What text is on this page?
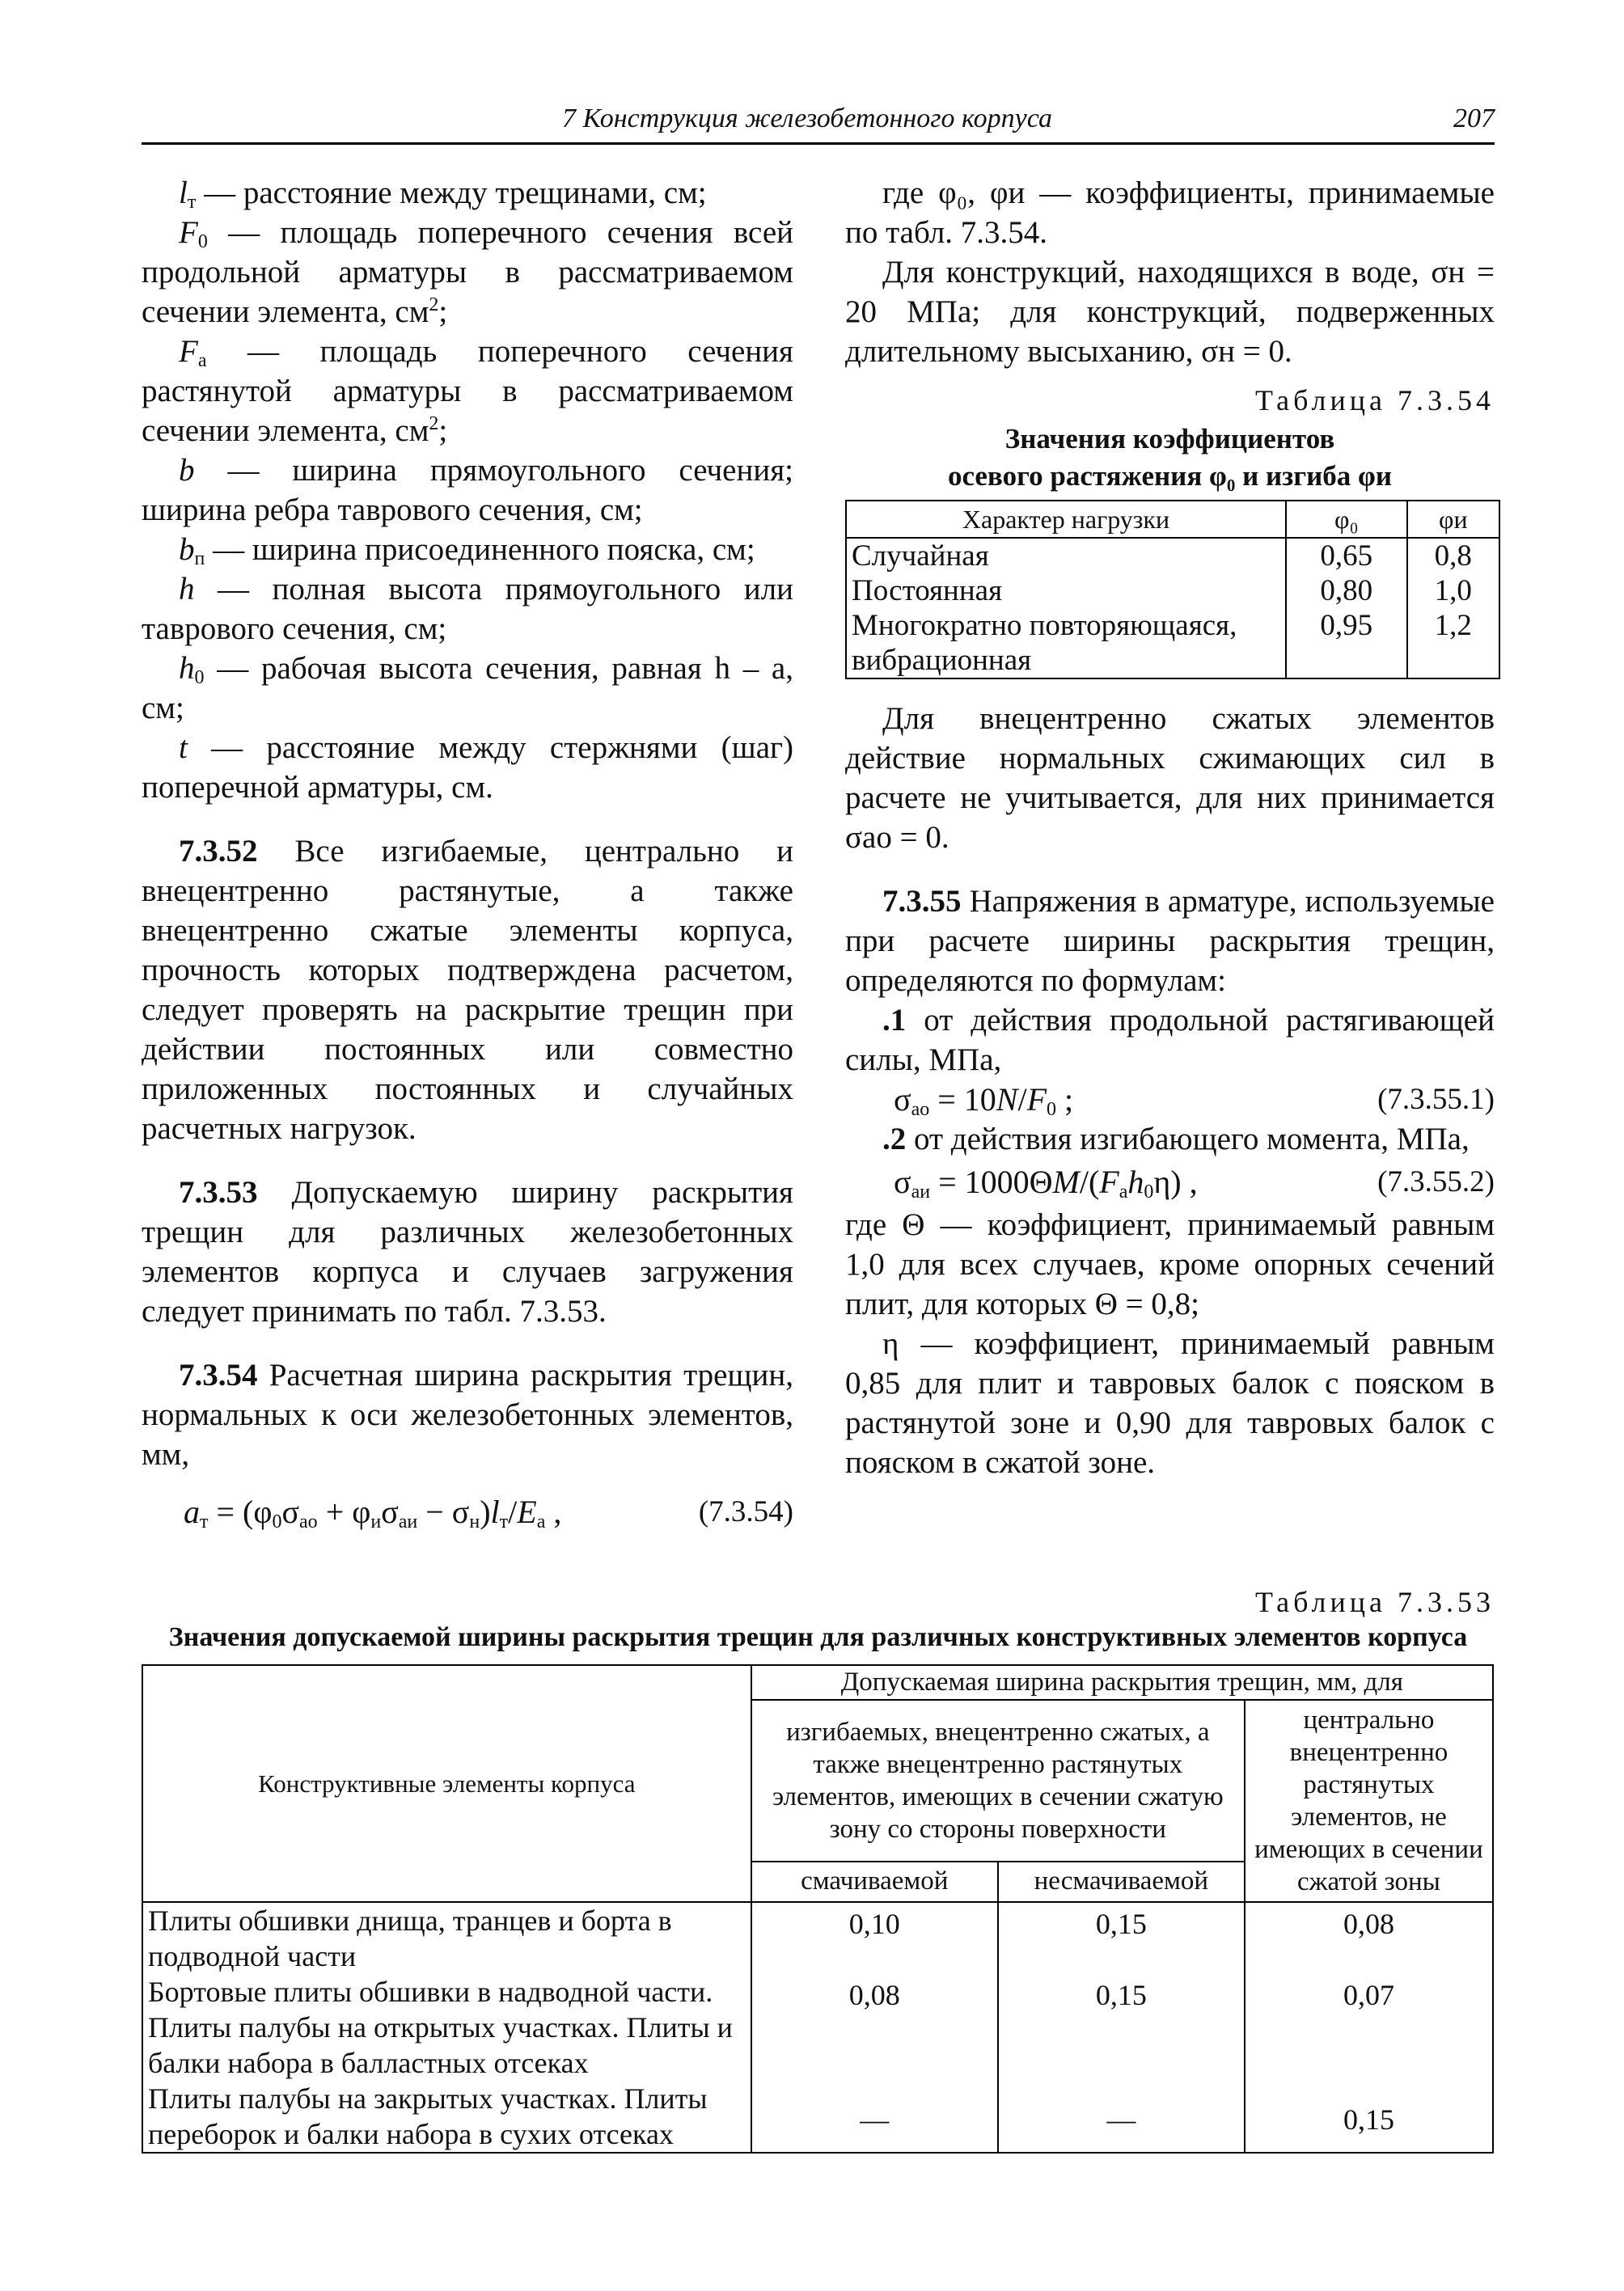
7 Конструкция железобетонного корпуса	207

$l_т$ — расстояние между трещинами, см;

$F_0$ — площадь поперечного сечения всей продольной арматуры в рассматриваемом сечении элемента, $см^2$;

$F_а$ — площадь поперечного сечения растянутой арматуры в рассматриваемом сечении элемента, $см^2$;

b — ширина прямоугольного сечения; ширина ребра таврового сечения, см;

$b_п$ — ширина присоединенного пояска, см;

h — полная высота прямоугольного или таврового сечения, см;

$h_0$ — рабочая высота сечения, равная h – a, см;

t — расстояние между стержнями (шаг) поперечной арматуры, см.

7.3.52 Все изгибаемые, центрально и внецентренно растянутые, а также внецентренно сжатые элементы корпуса, прочность которых подтверждена расчетом, следует проверять на раскрытие трещин при действии постоянных или совместно приложенных постоянных и случайных расчетных нагрузок.

7.3.53 Допускаемую ширину раскрытия трещин для различных железобетонных элементов корпуса и случаев загружения следует принимать по табл. 7.3.53.

7.3.54 Расчетная ширина раскрытия трещин, нормальных к оси железобетонных элементов, мм,

$a_т = (\varphi_0\sigma_{ао} + \varphi_и\sigma_{аи} - \sigma_н)l_т/E_а$ ,	(7.3.54)

где φ₀, φи — коэффициенты, принимаемые по табл. 7.3.54.

Для конструкций, находящихся в воде, σн = 20 МПа; для конструкций, подверженных длительному высыханию, σн = 0.

Таблица 7.3.54
Значения коэффициентов
осевого растяжения φ₀ и изгиба φи
Характер нагрузки	φ₀	φи
Случайная	0,65	0,8
Постоянная	0,80	1,0
Многократно повторяющаяся, вибрационная	0,95	1,2

Для внецентренно сжатых элементов действие нормальных сжимающих сил в расчете не учитывается, для них принимается σао = 0.

7.3.55 Напряжения в арматуре, используемые при расчете ширины раскрытия трещин, определяются по формулам:

.1 от действия продольной растягивающей силы, МПа,

$\sigma_{ао} = 10N/F_0$ ;	(7.3.55.1)

.2 от действия изгибающего момента, МПа,

$\sigma_{аи} = 1000\Theta M/(F_ah_0\eta)$ ,	(7.3.55.2)

где Θ — коэффициент, принимаемый равным 1,0 для всех случаев, кроме опорных сечений плит, для которых Θ = 0,8;

η — коэффициент, принимаемый равным 0,85 для плит и тавровых балок с пояском в растянутой зоне и 0,90 для тавровых балок с пояском в сжатой зоне.

Таблица 7.3.53
Значения допускаемой ширины раскрытия трещин для различных конструктивных элементов корпуса
Конструктивные элементы корпуса	Допускаемая ширина раскрытия трещин, мм, для		
	изгибаемых, внецентренно сжатых, а также внецентренно растянутых элементов, имеющих в сечении сжатую зону со стороны поверхности		центрально внецентренно растянутых элементов, не имеющих в сечении сжатой зоны
	смачиваемой	несмачиваемой	
Плиты обшивки днища, транцев и борта в подводной части	0,10	0,15	0,08
Бортовые плиты обшивки в надводной части. Плиты палубы на открытых участках. Плиты и балки набора в балластных отсеках	0,08	0,15	0,07
Плиты палубы на закрытых участках. Плиты переборок и балки набора в сухих отсеках	—	—	0,15
